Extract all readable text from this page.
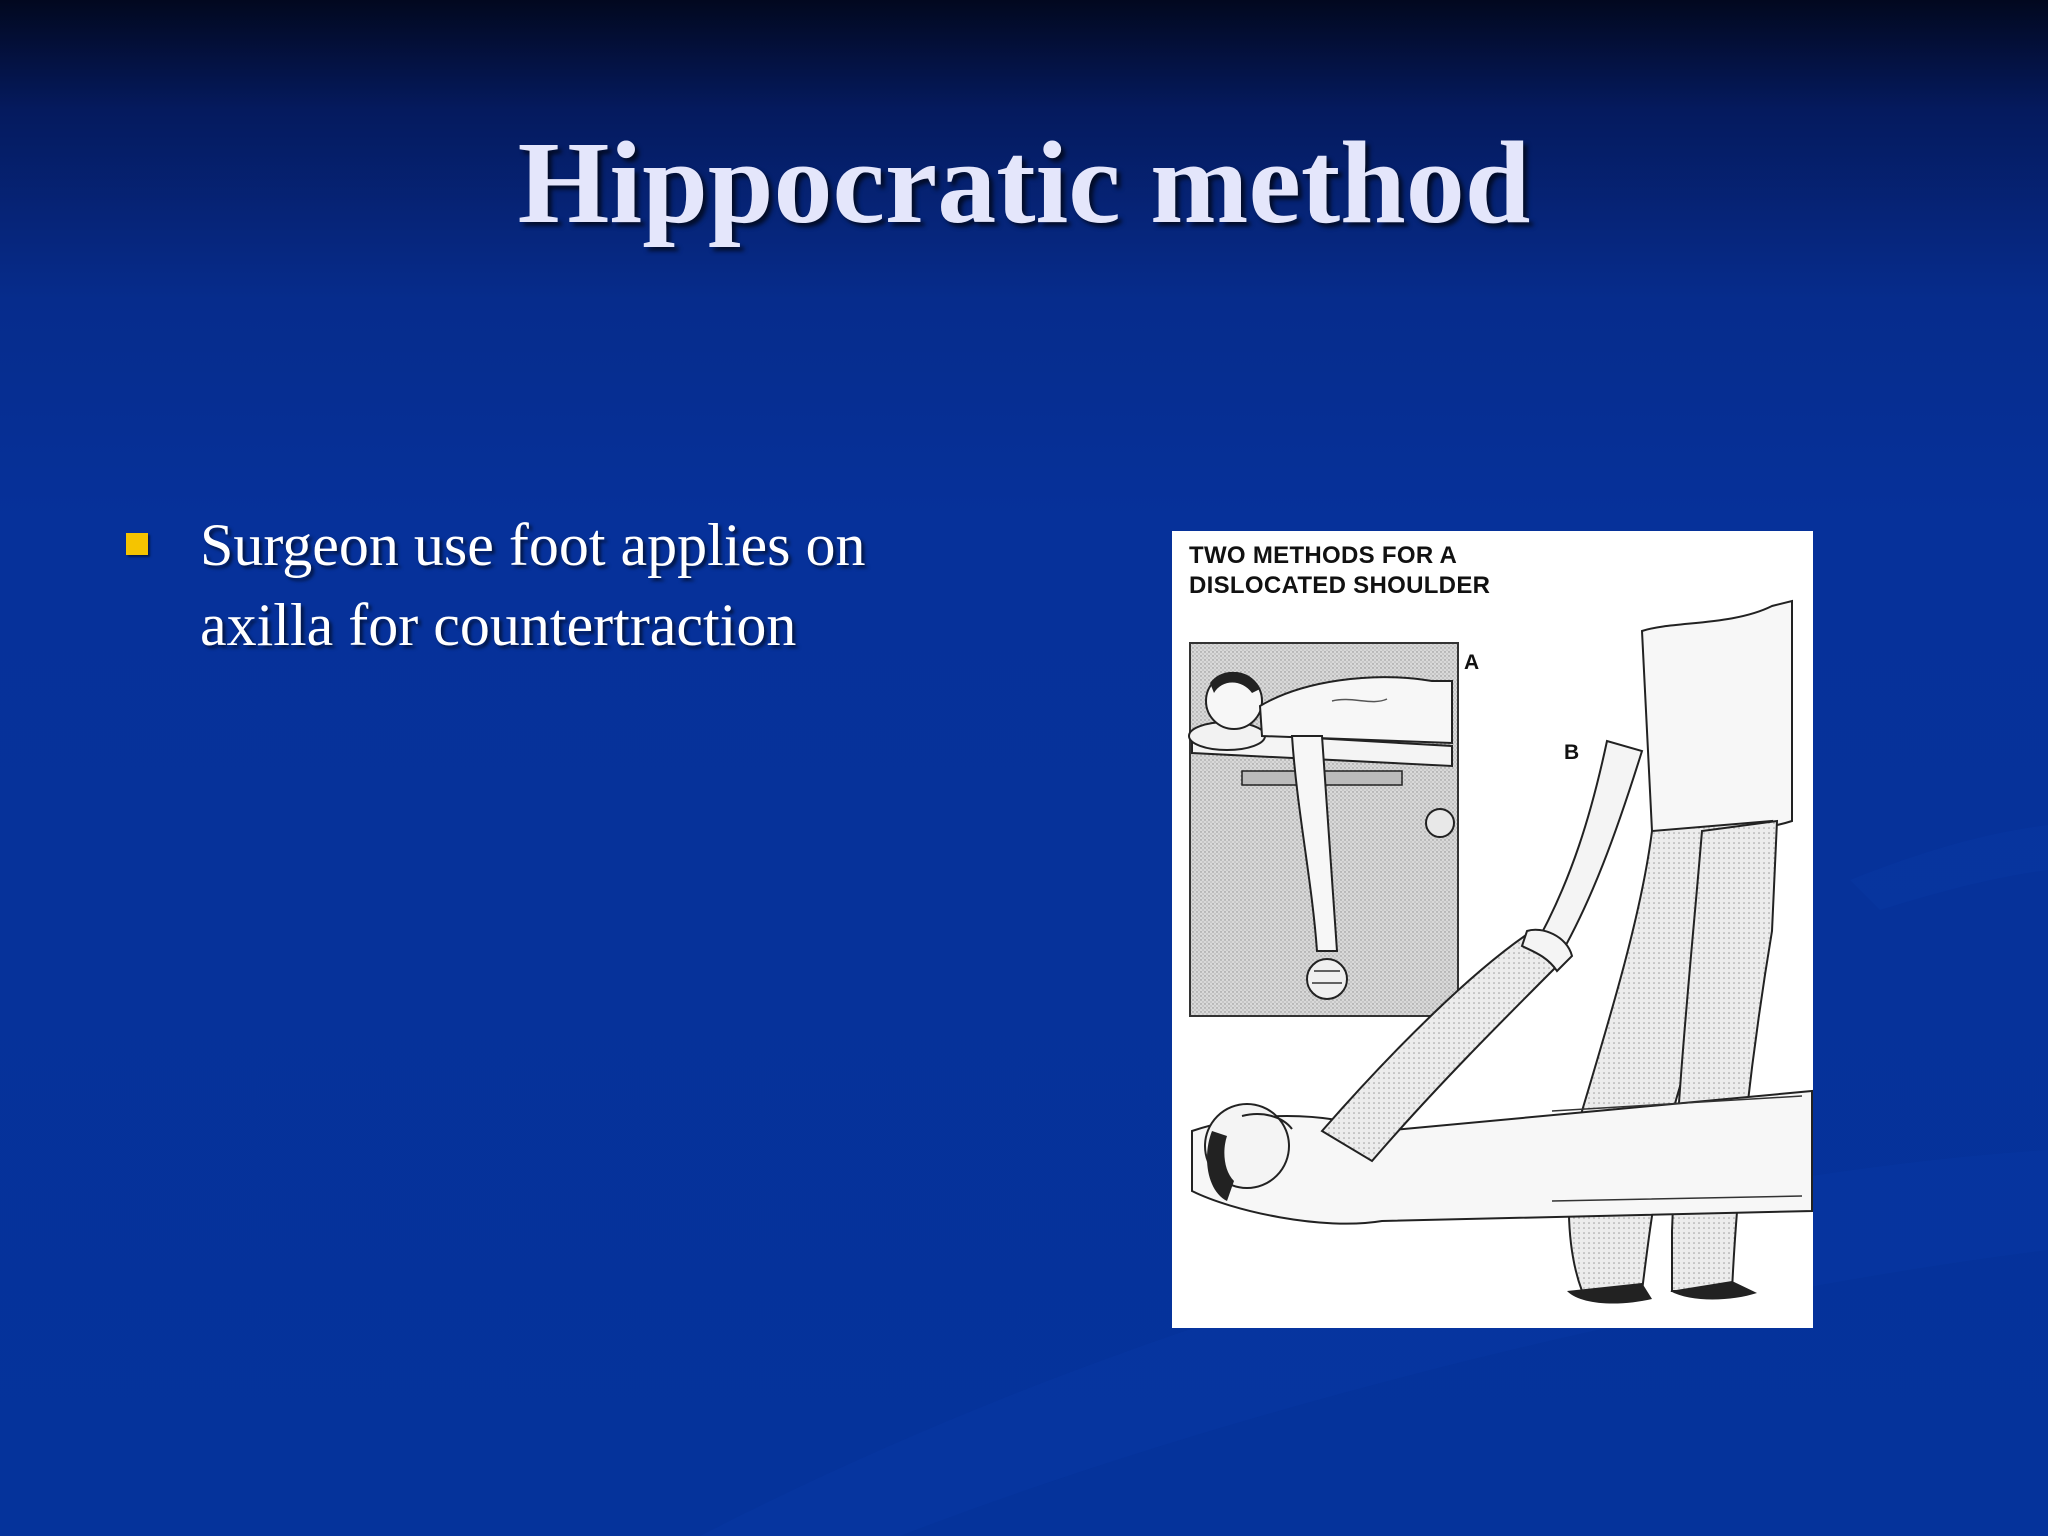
Hippocratic method
Surgeon use foot applies on axilla for countertraction
TWO METHODS FOR A DISLOCATED SHOULDER
A
B
